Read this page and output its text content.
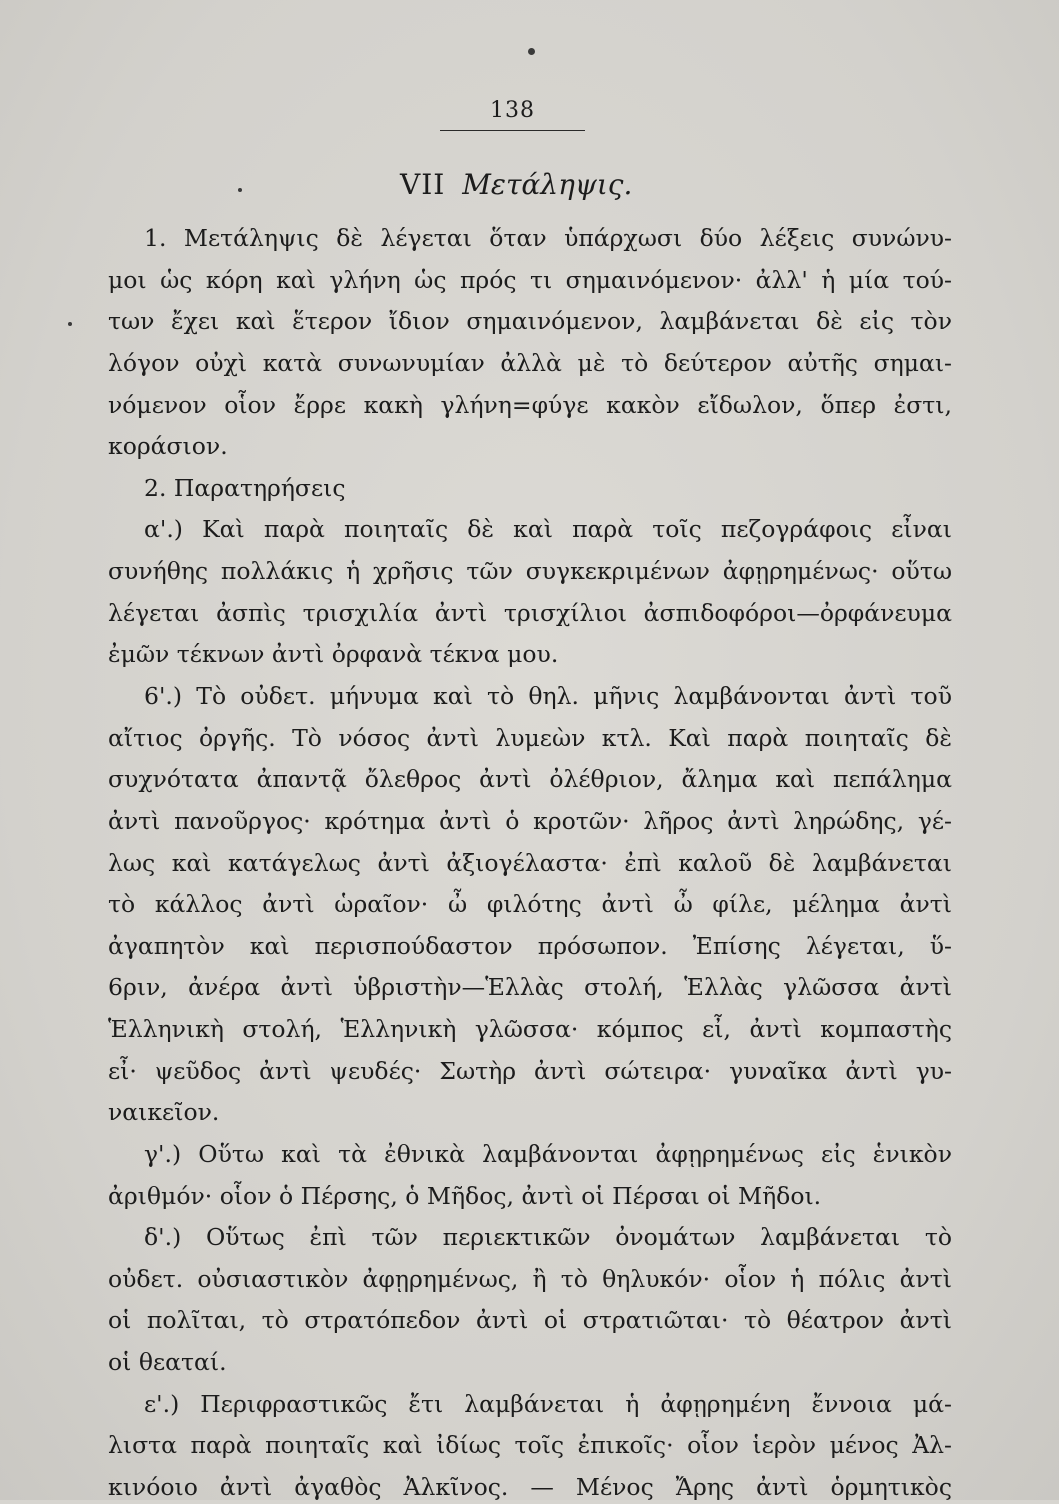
138
VII Μετάληψις.
1. Μετάληψις δὲ λέγεται ὅταν ὑπάρχωσι δύο λέξεις συνώνυ-
μοι ὡς κόρη καὶ γλήνη ὡς πρός τι σημαινόμενον· ἀλλ' ἡ μία τού-
των ἔχει καὶ ἕτερον ἴδιον σημαινόμενον, λαμβάνεται δὲ εἰς τὸν
λόγον οὐχὶ κατὰ συνωνυμίαν ἀλλὰ μὲ τὸ δεύτερον αὐτῆς σημαι-
νόμενον οἷον ἔρρε κακὴ γλήνη=φύγε κακὸν εἴδωλον, ὅπερ ἐστι,
κοράσιον.
2. Παρατηρήσεις
α'.) Καὶ παρὰ ποιηταῖς δὲ καὶ παρὰ τοῖς πεζογράφοις εἶναι
συνήθης πολλάκις ἡ χρῆσις τῶν συγκεκριμένων ἀφῃρημένως· οὕτω
λέγεται ἀσπὶς τρισχιλία ἀντὶ τρισχίλιοι ἀσπιδοφόροι—ὀρφάνευμα
ἐμῶν τέκνων ἀντὶ ὀρφανὰ τέκνα μου.
6'.) Τὸ οὐδετ. μήνυμα καὶ τὸ θηλ. μῆνις λαμβάνονται ἀντὶ τοῦ
αἴτιος ὀργῆς. Τὸ νόσος ἀντὶ λυμεὼν κτλ. Καὶ παρὰ ποιηταῖς δὲ
συχνότατα ἀπαντᾷ ὄλεθρος ἀντὶ ὀλέθριον, ἄλημα καὶ πεπάλημα
ἀντὶ πανοῦργος· κρότημα ἀντὶ ὁ κροτῶν· λῆρος ἀντὶ ληρώδης, γέ-
λως καὶ κατάγελως ἀντὶ ἀξιογέλαστα· ἐπὶ καλοῦ δὲ λαμβάνεται
τὸ κάλλος ἀντὶ ὡραῖον· ὦ φιλότης ἀντὶ ὦ φίλε, μέλημα ἀντὶ
ἀγαπητὸν καὶ περισπούδαστον πρόσωπον. Ἐπίσης λέγεται, ὕ-
6ριν, ἀνέρα ἀντὶ ὑβριστὴν—Ἑλλὰς στολή, Ἑλλὰς γλῶσσα ἀντὶ
Ἑλληνικὴ στολή, Ἑλληνικὴ γλῶσσα· κόμπος εἶ, ἀντὶ κομπαστὴς
εἶ· ψεῦδος ἀντὶ ψευδές· Σωτὴρ ἀντὶ σώτειρα· γυναῖκα ἀντὶ γυ-
ναικεῖον.
γ'.) Οὕτω καὶ τὰ ἐθνικὰ λαμβάνονται ἀφῃρημένως εἰς ἑνικὸν
ἀριθμόν· οἷον ὁ Πέρσης, ὁ Μῆδος, ἀντὶ οἱ Πέρσαι οἱ Μῆδοι.
δ'.) Οὕτως ἐπὶ τῶν περιεκτικῶν ὀνομάτων λαμβάνεται τὸ
οὐδετ. οὐσιαστικὸν ἀφῃρημένως, ἢ τὸ θηλυκόν· οἷον ἡ πόλις ἀντὶ
οἱ πολῖται, τὸ στρατόπεδον ἀντὶ οἱ στρατιῶται· τὸ θέατρον ἀντὶ
οἱ θεαταί.
ε'.) Περιφραστικῶς ἔτι λαμβάνεται ἡ ἀφῃρημένη ἔννοια μά-
λιστα παρὰ ποιηταῖς καὶ ἰδίως τοῖς ἐπικοῖς· οἷον ἱερὸν μένος Ἀλ-
κινόοιο ἀντὶ ἀγαθὸς Ἀλκῖνος. — Μένος Ἄρης ἀντὶ ὁρμητικὸς
